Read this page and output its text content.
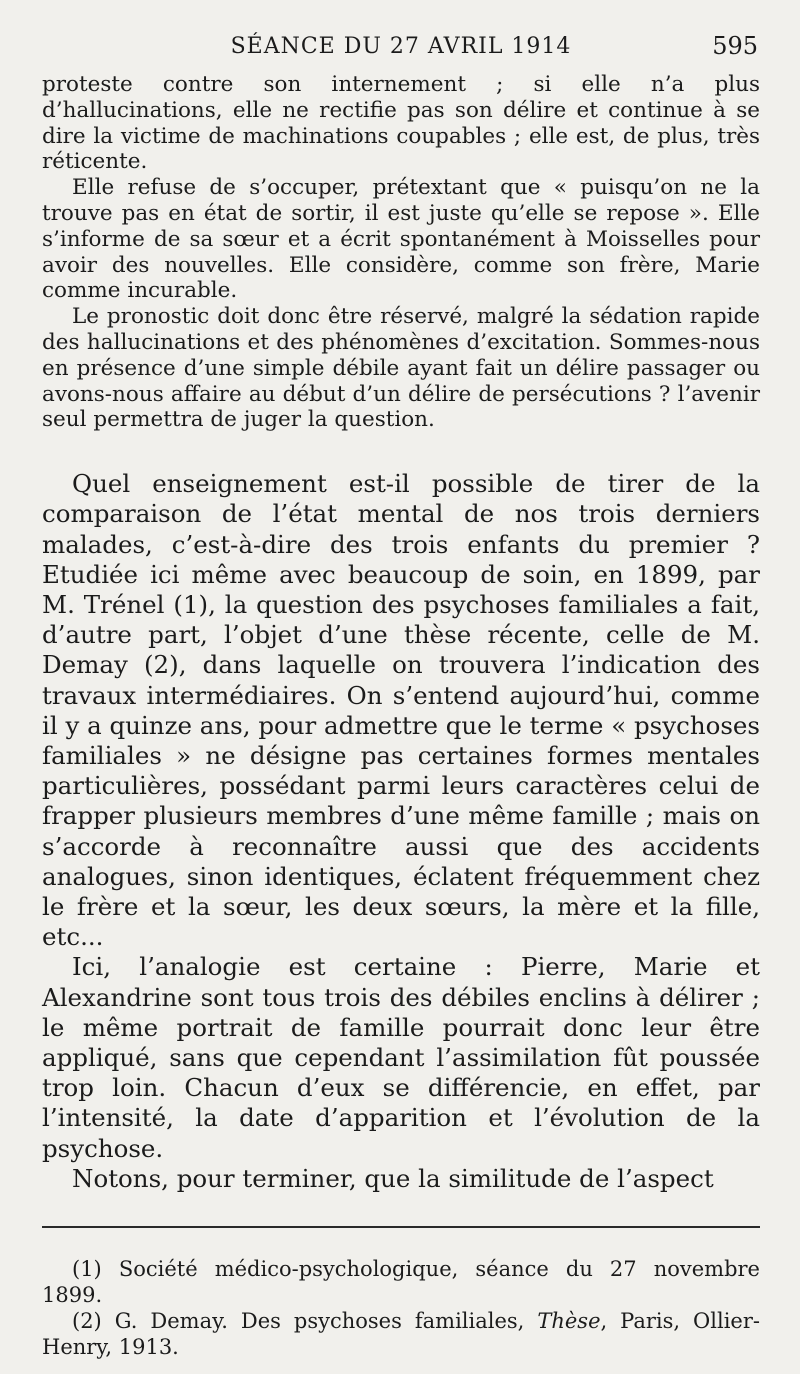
SÉANCE DU 27 AVRIL 1914	595

proteste contre son internement ; si elle n’a plus d’hallucinations, elle ne rectifie pas son délire et continue à se dire la victime de machinations coupables ; elle est, de plus, très réticente.

Elle refuse de s’occuper, prétextant que « puisqu’on ne la trouve pas en état de sortir, il est juste qu’elle se repose ». Elle s’informe de sa sœur et a écrit spontanément à Moisselles pour avoir des nouvelles. Elle considère, comme son frère, Marie comme incurable.

Le pronostic doit donc être réservé, malgré la sédation rapide des hallucinations et des phénomènes d’excitation. Sommes-nous en présence d’une simple débile ayant fait un délire passager ou avons-nous affaire au début d’un délire de persécutions ? l’avenir seul permettra de juger la question.

Quel enseignement est-il possible de tirer de la comparaison de l’état mental de nos trois derniers malades, c’est-à-dire des trois enfants du premier ? Etudiée ici même avec beaucoup de soin, en 1899, par M. Trénel (1), la question des psychoses familiales a fait, d’autre part, l’objet d’une thèse récente, celle de M. Demay (2), dans laquelle on trouvera l’indication des travaux intermédiaires. On s’entend aujourd’hui, comme il y a quinze ans, pour admettre que le terme « psychoses familiales » ne désigne pas certaines formes mentales particulières, possédant parmi leurs caractères celui de frapper plusieurs membres d’une même famille ; mais on s’accorde à reconnaître aussi que des accidents analogues, sinon identiques, éclatent fréquemment chez le frère et la sœur, les deux sœurs, la mère et la fille, etc...

Ici, l’analogie est certaine : Pierre, Marie et Alexandrine sont tous trois des débiles enclins à délirer ; le même portrait de famille pourrait donc leur être appliqué, sans que cependant l’assimilation fût poussée trop loin. Chacun d’eux se différencie, en effet, par l’intensité, la date d’apparition et l’évolution de la psychose.

Notons, pour terminer, que la similitude de l’aspect

(1) Société médico-psychologique, séance du 27 novembre 1899.

(2) G. Demay. Des psychoses familiales, Thèse, Paris, Ollier-Henry, 1913.
